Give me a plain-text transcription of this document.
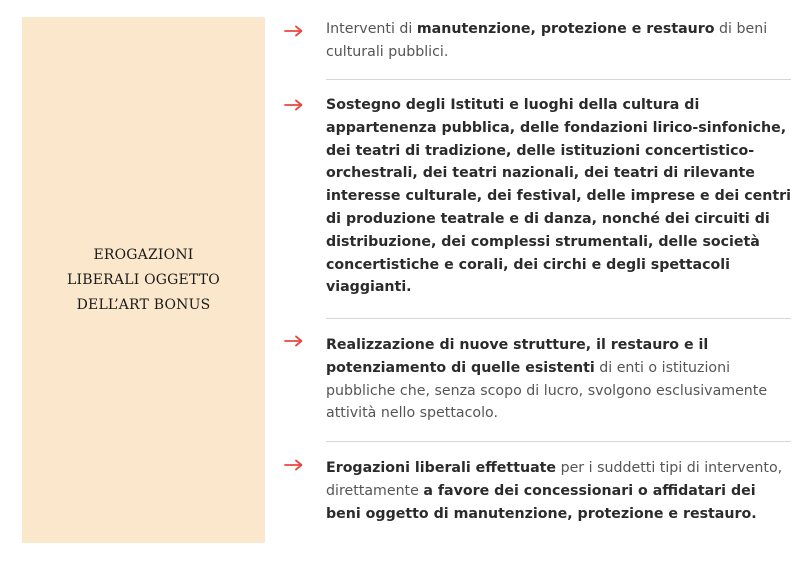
EROGAZIONI
LIBERALI OGGETTO
DELL’ART BONUS
Interventi di manutenzione, protezione e restauro di beni culturali pubblici.
Sostegno degli Istituti e luoghi della cultura di appartenenza pubblica, delle fondazioni lirico-sinfoniche, dei teatri di tradizione, delle istituzioni concertistico-orchestrali, dei teatri nazionali, dei teatri di rilevante interesse culturale, dei festival, delle imprese e dei centri di produzione teatrale e di danza, nonché dei circuiti di distribuzione, dei complessi strumentali, delle società concertistiche e corali, dei circhi e degli spettacoli viaggianti.
Realizzazione di nuove strutture, il restauro e il potenziamento di quelle esistenti di enti o istituzioni pubbliche che, senza scopo di lucro, svolgono esclusivamente attività nello spettacolo.
Erogazioni liberali effettuate per i suddetti tipi di intervento, direttamente a favore dei concessionari o affidatari dei beni oggetto di manutenzione, protezione e restauro.
